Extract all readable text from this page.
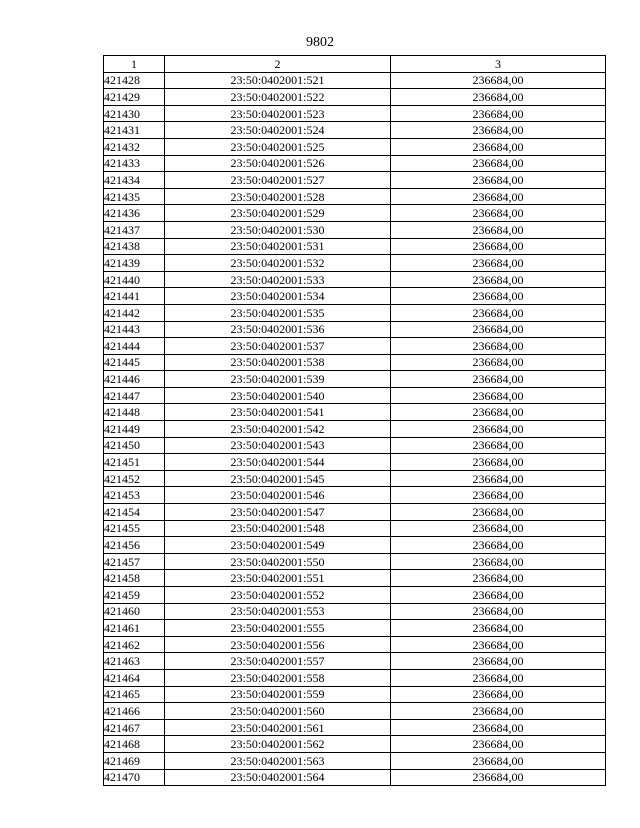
9802
1	2	3
421428	23:50:0402001:521	236684,00
421429	23:50:0402001:522	236684,00
421430	23:50:0402001:523	236684,00
421431	23:50:0402001:524	236684,00
421432	23:50:0402001:525	236684,00
421433	23:50:0402001:526	236684,00
421434	23:50:0402001:527	236684,00
421435	23:50:0402001:528	236684,00
421436	23:50:0402001:529	236684,00
421437	23:50:0402001:530	236684,00
421438	23:50:0402001:531	236684,00
421439	23:50:0402001:532	236684,00
421440	23:50:0402001:533	236684,00
421441	23:50:0402001:534	236684,00
421442	23:50:0402001:535	236684,00
421443	23:50:0402001:536	236684,00
421444	23:50:0402001:537	236684,00
421445	23:50:0402001:538	236684,00
421446	23:50:0402001:539	236684,00
421447	23:50:0402001:540	236684,00
421448	23:50:0402001:541	236684,00
421449	23:50:0402001:542	236684,00
421450	23:50:0402001:543	236684,00
421451	23:50:0402001:544	236684,00
421452	23:50:0402001:545	236684,00
421453	23:50:0402001:546	236684,00
421454	23:50:0402001:547	236684,00
421455	23:50:0402001:548	236684,00
421456	23:50:0402001:549	236684,00
421457	23:50:0402001:550	236684,00
421458	23:50:0402001:551	236684,00
421459	23:50:0402001:552	236684,00
421460	23:50:0402001:553	236684,00
421461	23:50:0402001:555	236684,00
421462	23:50:0402001:556	236684,00
421463	23:50:0402001:557	236684,00
421464	23:50:0402001:558	236684,00
421465	23:50:0402001:559	236684,00
421466	23:50:0402001:560	236684,00
421467	23:50:0402001:561	236684,00
421468	23:50:0402001:562	236684,00
421469	23:50:0402001:563	236684,00
421470	23:50:0402001:564	236684,00
